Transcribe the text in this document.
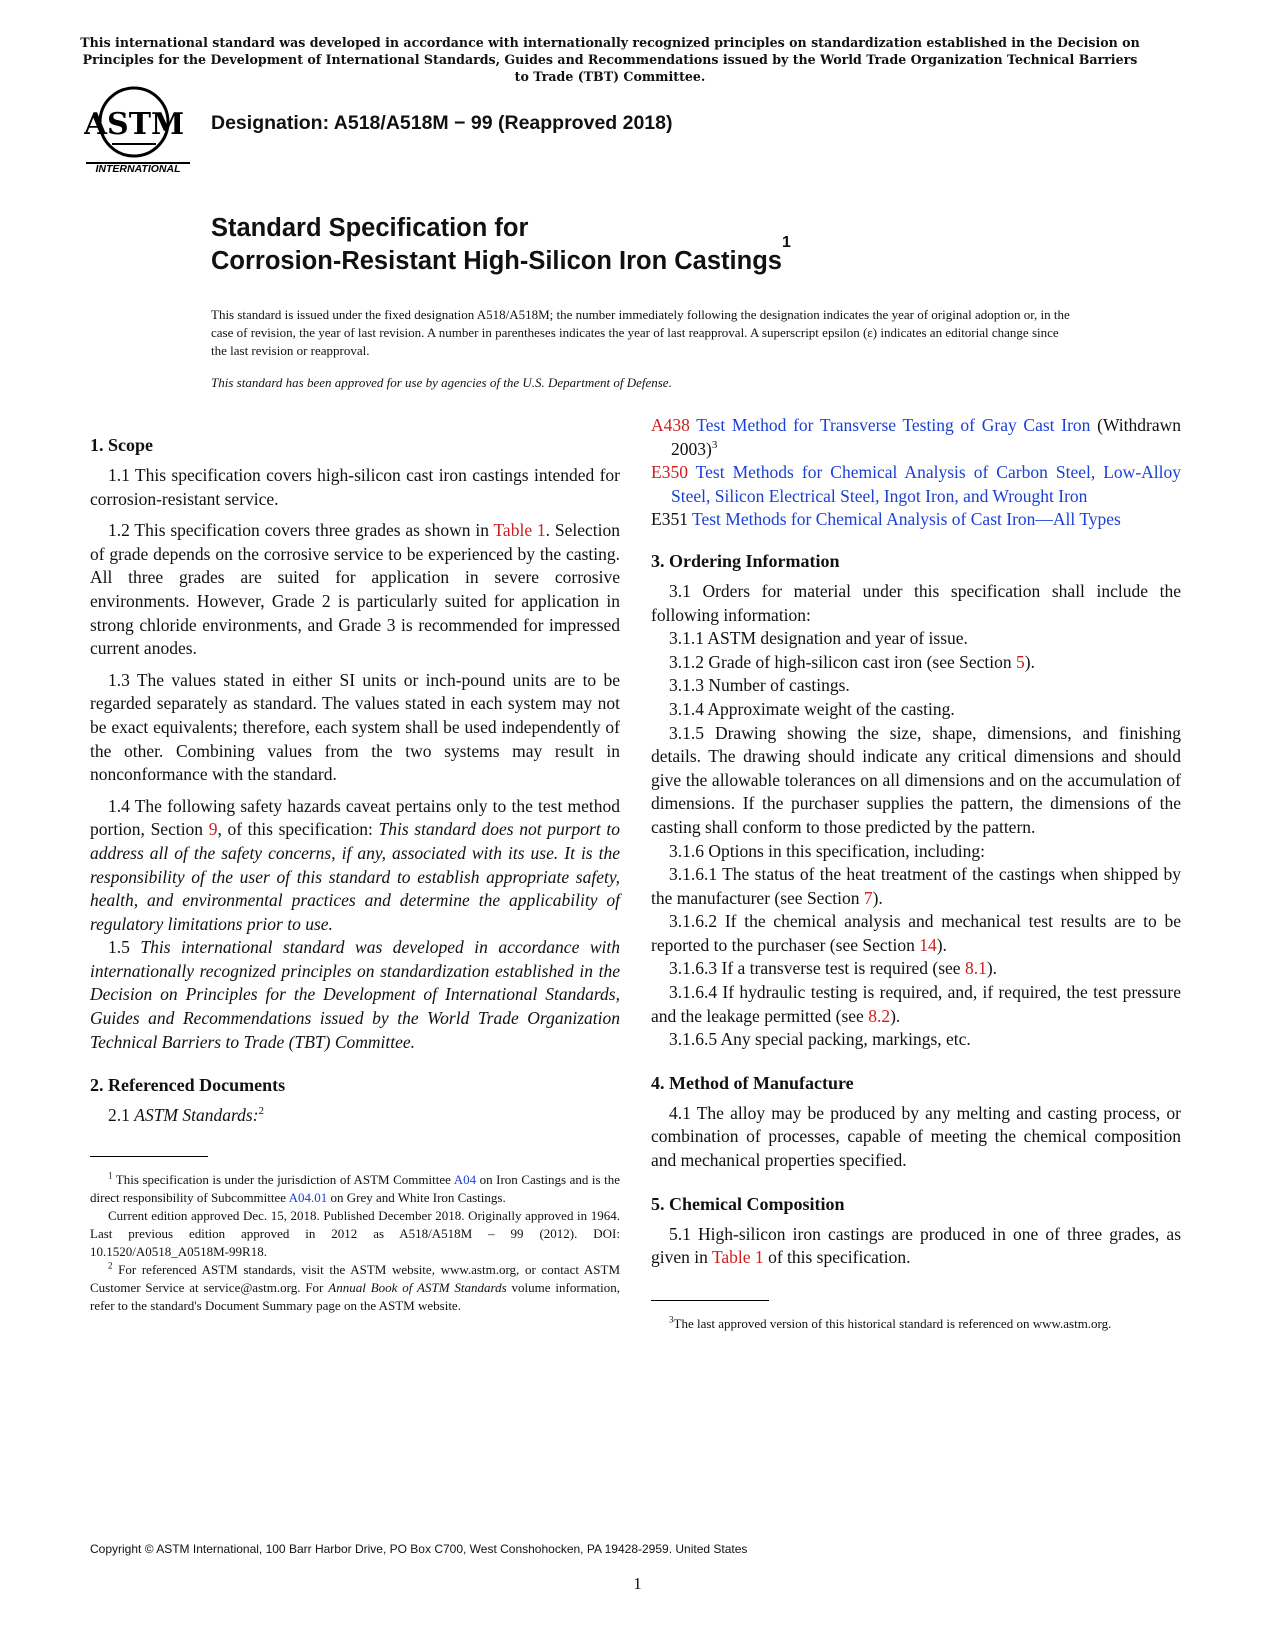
This international standard was developed in accordance with internationally recognized principles on standardization established in the Decision on Principles for the Development of International Standards, Guides and Recommendations issued by the World Trade Organization Technical Barriers to Trade (TBT) Committee.
ASTM
INTERNATIONAL
Designation: A518/A518M − 99 (Reapproved 2018)
Standard Specification for
Corrosion-Resistant High-Silicon Iron Castings$^1$
This standard is issued under the fixed designation A518/A518M; the number immediately following the designation indicates the year of original adoption or, in the case of revision, the year of last revision. A number in parentheses indicates the year of last reapproval. A superscript epsilon (ε) indicates an editorial change since the last revision or reapproval.
This standard has been approved for use by agencies of the U.S. Department of Defense.
1. Scope

1.1 This specification covers high-silicon cast iron castings intended for corrosion-resistant service.

1.2 This specification covers three grades as shown in Table 1. Selection of grade depends on the corrosive service to be experienced by the casting. All three grades are suited for application in severe corrosive environments. However, Grade 2 is particularly suited for application in strong chloride environments, and Grade 3 is recommended for impressed current anodes.

1.3 The values stated in either SI units or inch-pound units are to be regarded separately as standard. The values stated in each system may not be exact equivalents; therefore, each system shall be used independently of the other. Combining values from the two systems may result in nonconformance with the standard.

1.4 The following safety hazards caveat pertains only to the test method portion, Section 9, of this specification: This standard does not purport to address all of the safety concerns, if any, associated with its use. It is the responsibility of the user of this standard to establish appropriate safety, health, and environmental practices and determine the applicability of regulatory limitations prior to use.

1.5 This international standard was developed in accordance with internationally recognized principles on standardization established in the Decision on Principles for the Development of International Standards, Guides and Recommendations issued by the World Trade Organization Technical Barriers to Trade (TBT) Committee.

2. Referenced Documents

2.1 ASTM Standards:$^2$

$^1$ This specification is under the jurisdiction of ASTM Committee A04 on Iron Castings and is the direct responsibility of Subcommittee A04.01 on Grey and White Iron Castings.

Current edition approved Dec. 15, 2018. Published December 2018. Originally approved in 1964. Last previous edition approved in 2012 as A518/A518M – 99 (2012). DOI: 10.1520/A0518_A0518M-99R18.

$^2$ For referenced ASTM standards, visit the ASTM website, www.astm.org, or contact ASTM Customer Service at service@astm.org. For Annual Book of ASTM Standards volume information, refer to the standard's Document Summary page on the ASTM website.

A438 Test Method for Transverse Testing of Gray Cast Iron (Withdrawn 2003)$^3$

E350 Test Methods for Chemical Analysis of Carbon Steel, Low-Alloy Steel, Silicon Electrical Steel, Ingot Iron, and Wrought Iron

E351 Test Methods for Chemical Analysis of Cast Iron—All Types

3. Ordering Information

3.1 Orders for material under this specification shall include the following information:

3.1.1 ASTM designation and year of issue.

3.1.2 Grade of high-silicon cast iron (see Section 5).

3.1.3 Number of castings.

3.1.4 Approximate weight of the casting.

3.1.5 Drawing showing the size, shape, dimensions, and finishing details. The drawing should indicate any critical dimensions and should give the allowable tolerances on all dimensions and on the accumulation of dimensions. If the purchaser supplies the pattern, the dimensions of the casting shall conform to those predicted by the pattern.

3.1.6 Options in this specification, including:

3.1.6.1 The status of the heat treatment of the castings when shipped by the manufacturer (see Section 7).

3.1.6.2 If the chemical analysis and mechanical test results are to be reported to the purchaser (see Section 14).

3.1.6.3 If a transverse test is required (see 8.1).

3.1.6.4 If hydraulic testing is required, and, if required, the test pressure and the leakage permitted (see 8.2).

3.1.6.5 Any special packing, markings, etc.

4. Method of Manufacture

4.1 The alloy may be produced by any melting and casting process, or combination of processes, capable of meeting the chemical composition and mechanical properties specified.

5. Chemical Composition

5.1 High-silicon iron castings are produced in one of three grades, as given in Table 1 of this specification.

$^3$The last approved version of this historical standard is referenced on www.astm.org.

Copyright © ASTM International, 100 Barr Harbor Drive, PO Box C700, West Conshohocken, PA 19428-2959. United States
1
